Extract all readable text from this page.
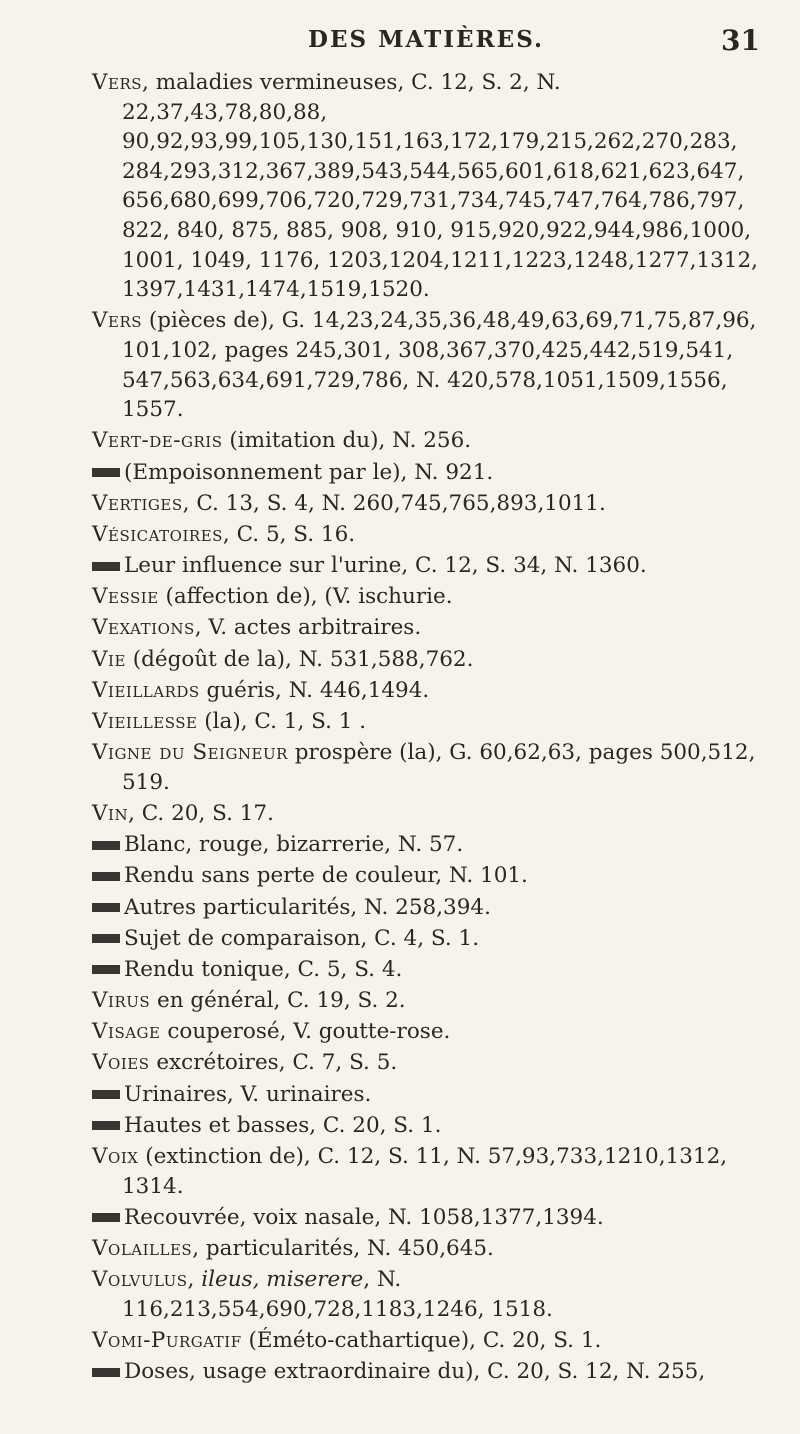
DES MATIÈRES.	31
Vers, maladies vermineuses, C. 12, S. 2, N. 22,37,43,78,80,88, 90,92,93,99,105,130,151,163,172,179,215,262,270,283, 284,293,312,367,389,543,544,565,601,618,621,623,647, 656,680,699,706,720,729,731,734,745,747,764,786,797, 822, 840, 875, 885, 908, 910, 915,920,922,944,986,1000, 1001, 1049, 1176, 1203,1204,1211,1223,1248,1277,1312, 1397,1431,1474,1519,1520.
Vers (pièces de), G. 14,23,24,35,36,48,49,63,69,71,75,87,96, 101,102, pages 245,301, 308,367,370,425,442,519,541, 547,563,634,691,729,786, N. 420,578,1051,1509,1556, 1557.
Vert-de-gris (imitation du), N. 256.
(Empoisonnement par le), N. 921.
Vertiges, C. 13, S. 4, N. 260,745,765,893,1011.
Vésicatoires, C. 5, S. 16.
Leur influence sur l'urine, C. 12, S. 34, N. 1360.
Vessie (affection de), (V. ischurie.
Vexations, V. actes arbitraires.
Vie (dégoût de la), N. 531,588,762.
Vieillards guéris, N. 446,1494.
Vieillesse (la), C. 1, S. 1 .
Vigne du Seigneur prospère (la), G. 60,62,63, pages 500,512, 519.
Vin, C. 20, S. 17.
Blanc, rouge, bizarrerie, N. 57.
Rendu sans perte de couleur, N. 101.
Autres particularités, N. 258,394.
Sujet de comparaison, C. 4, S. 1.
Rendu tonique, C. 5, S. 4.
Virus en général, C. 19, S. 2.
Visage couperosé, V. goutte-rose.
Voies excrétoires, C. 7, S. 5.
Urinaires, V. urinaires.
Hautes et basses, C. 20, S. 1.
Voix (extinction de), C. 12, S. 11, N. 57,93,733,1210,1312, 1314.
Recouvrée, voix nasale, N. 1058,1377,1394.
Volailles, particularités, N. 450,645.
Volvulus, ileus, miserere, N. 116,213,554,690,728,1183,1246, 1518.
Vomi-Purgatif (Éméto-cathartique), C. 20, S. 1.
Doses, usage extraordinaire du), C. 20, S. 12, N. 255,
